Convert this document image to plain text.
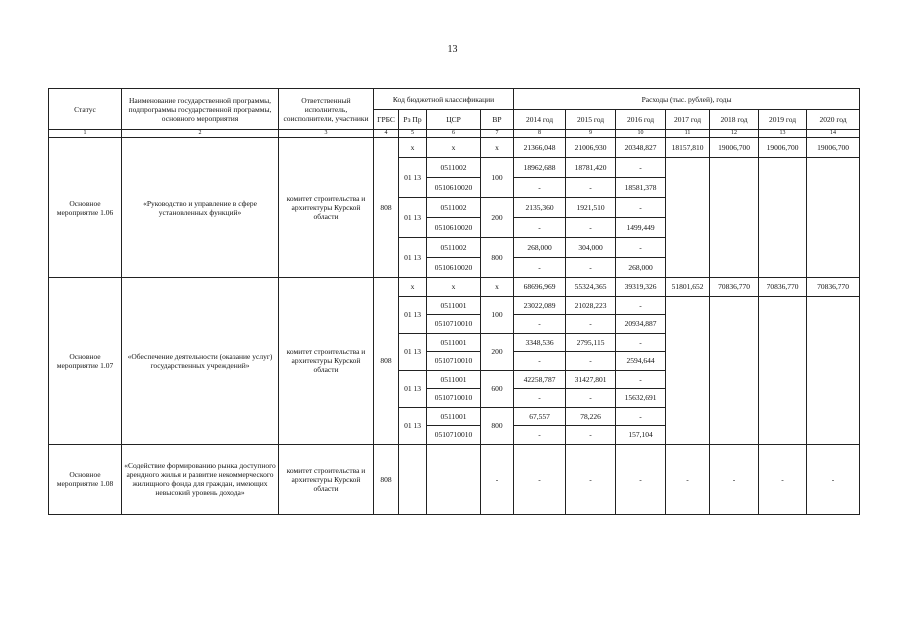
13
Статус	Наименование государственной программы, подпрограммы государственной программы, основного мероприятия	Ответственный исполнитель, соисполнители, участники	Код бюджетной классификации				Расходы (тыс. рублей), годы						
			ГРБС	Рз Пр	ЦСР	ВР	2014 год	2015 год	2016 год	2017 год	2018 год	2019 год	2020 год
1	2	3	4	5	6	7	8	9	10	11	12	13	14
Основное мероприятие 1.06	«Руководство и управление в сфере установленных функций»	комитет строительства и архитектуры Курской области	808	х	х	х	21366,048	21006,930	20348,827	18157,810	19006,700	19006,700	19006,700
				01 13	0511002	100	18962,688	18781,420	-				
					0510610020		-	-	18581,378				
				01 13	0511002	200	2135,360	1921,510	-				
					0510610020		-	-	1499,449				
				01 13	0511002	800	268,000	304,000	-				
					0510610020		-	-	268,000				
Основное мероприятие 1.07	«Обеспечение деятельности (оказание услуг) государственных учреждений»	комитет строительства и архитектуры Курской области	808	х	х	х	68696,969	55324,365	39319,326	51801,652	70836,770	70836,770	70836,770
				01 13	0511001	100	23022,089	21028,223	-				
					0510710010		-	-	20934,887				
				01 13	0511001	200	3348,536	2795,115	-				
					0510710010		-	-	2594,644				
				01 13	0511001	600	42258,787	31427,801	-				
					0510710010		-	-	15632,691				
				01 13	0511001	800	67,557	78,226	-				
					0510710010		-	-	157,104				
Основное мероприятие 1.08	«Содействие формированию рынка доступного арендного жилья и развитие некоммерческого жилищного фонда для граждан, имеющих невысокий уровень дохода»	комитет строительства и архитектуры Курской области	808			-	-	-	-	-	-	-	-
